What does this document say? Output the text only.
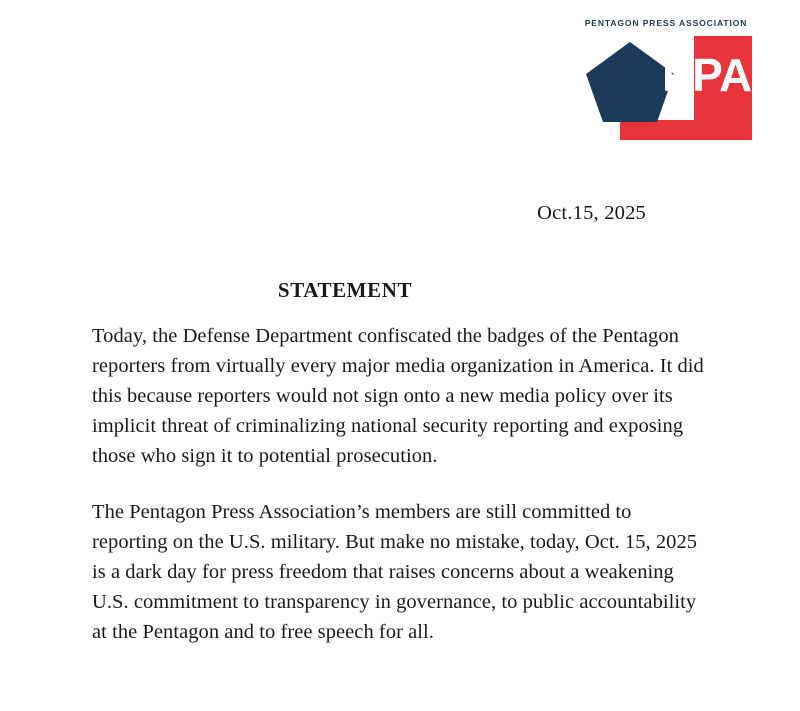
PENTAGON PRESS ASSOCIATION
PPA
Oct.15, 2025
STATEMENT

Today, the Defense Department confiscated the badges of the Pentagon reporters from virtually every major media organization in America. It did this because reporters would not sign onto a new media policy over its implicit threat of criminalizing national security reporting and exposing those who sign it to potential prosecution.

The Pentagon Press Association’s members are still committed to reporting on the U.S. military. But make no mistake, today, Oct. 15, 2025 is a dark day for press freedom that raises concerns about a weakening U.S. commitment to transparency in governance, to public accountability at the Pentagon and to free speech for all.
